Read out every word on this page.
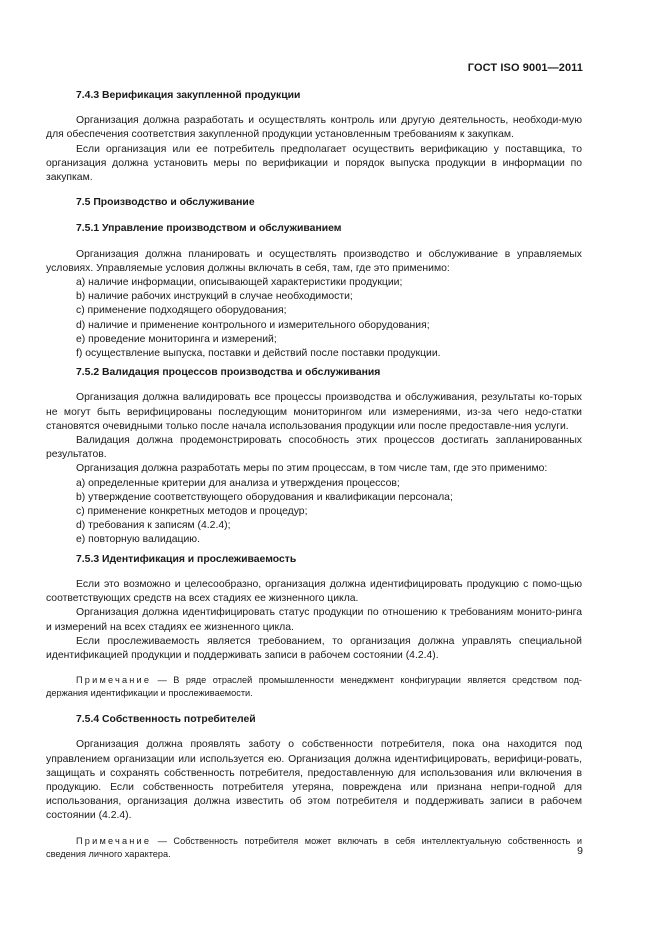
ГОСТ ISO 9001—2011

7.4.3 Верификация закупленной продукции

Организация должна разработать и осуществлять контроль или другую деятельность, необходи-мую для обеспечения соответствия закупленной продукции установленным требованиям к закупкам.

Если организация или ее потребитель предполагает осуществить верификацию у поставщика, то организация должна установить меры по верификации и порядок выпуска продукции в информации по закупкам.

7.5 Производство и обслуживание

7.5.1 Управление производством и обслуживанием

Организация должна планировать и осуществлять производство и обслуживание в управляемых условиях. Управляемые условия должны включать в себя, там, где это применимо:

a) наличие информации, описывающей характеристики продукции;

b) наличие рабочих инструкций в случае необходимости;

c) применение подходящего оборудования;

d) наличие и применение контрольного и измерительного оборудования;

e) проведение мониторинга и измерений;

f) осуществление выпуска, поставки и действий после поставки продукции.

7.5.2 Валидация процессов производства и обслуживания

Организация должна валидировать все процессы производства и обслуживания, результаты ко-торых не могут быть верифицированы последующим мониторингом или измерениями, из-за чего недо-статки становятся очевидными только после начала использования продукции или после предоставле-ния услуги.

Валидация должна продемонстрировать способность этих процессов достигать запланированных результатов.

Организация должна разработать меры по этим процессам, в том числе там, где это применимо:

a) определенные критерии для анализа и утверждения процессов;

b) утверждение соответствующего оборудования и квалификации персонала;

c) применение конкретных методов и процедур;

d) требования к записям (4.2.4);

e) повторную валидацию.

7.5.3 Идентификация и прослеживаемость

Если это возможно и целесообразно, организация должна идентифицировать продукцию с помо-щью соответствующих средств на всех стадиях ее жизненного цикла.

Организация должна идентифицировать статус продукции по отношению к требованиям монито-ринга и измерений на всех стадиях ее жизненного цикла.

Если прослеживаемость является требованием, то организация должна управлять специальной идентификацией продукции и поддерживать записи в рабочем состоянии (4.2.4).

Примечание — В ряде отраслей промышленности менеджмент конфигурации является средством под-держания идентификации и прослеживаемости.

7.5.4 Собственность потребителей

Организация должна проявлять заботу о собственности потребителя, пока она находится под управлением организации или используется ею. Организация должна идентифицировать, верифици-ровать, защищать и сохранять собственность потребителя, предоставленную для использования или включения в продукцию. Если собственность потребителя утеряна, повреждена или признана непри-годной для использования, организация должна известить об этом потребителя и поддерживать записи в рабочем состоянии (4.2.4).

Примечание — Собственность потребителя может включать в себя интеллектуальную собственность и сведения личного характера.	9
